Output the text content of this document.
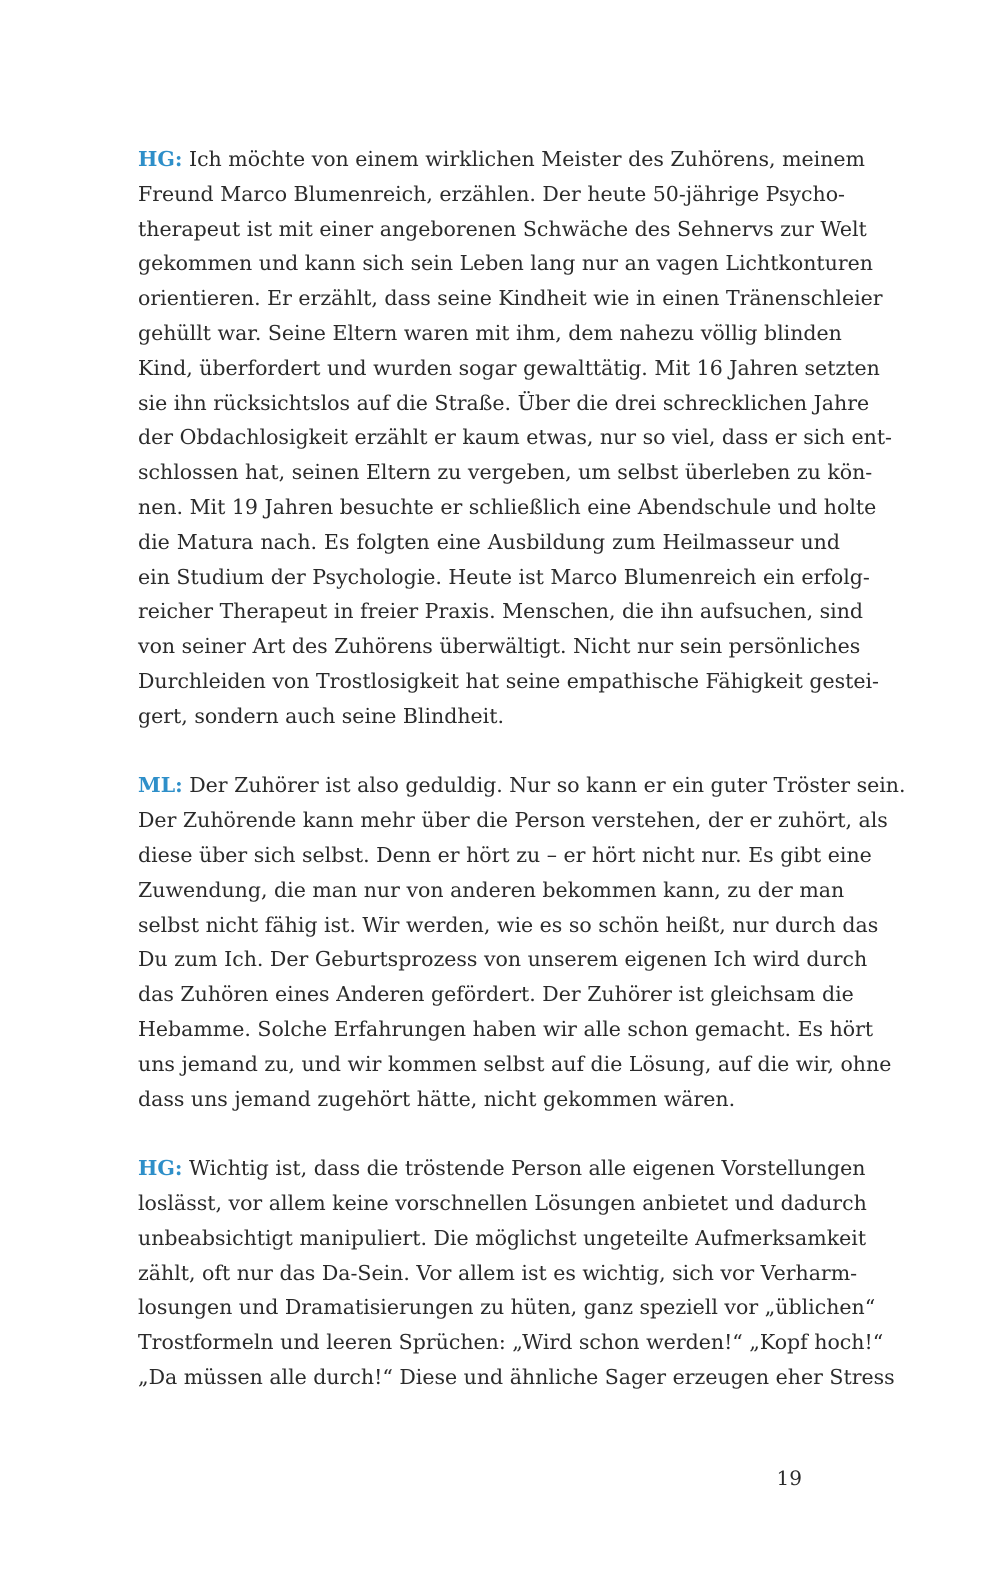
HG: Ich möchte von einem wirklichen Meister des Zuhörens, meinem
Freund Marco Blumenreich, erzählen. Der heute 50-jährige Psycho-
therapeut ist mit einer angeborenen Schwäche des Sehnervs zur Welt
gekommen und kann sich sein Leben lang nur an vagen Lichtkonturen
orientieren. Er erzählt, dass seine Kindheit wie in einen Tränenschleier
gehüllt war. Seine Eltern waren mit ihm, dem nahezu völlig blinden
Kind, überfordert und wurden sogar gewalttätig. Mit 16 Jahren setzten
sie ihn rücksichtslos auf die Straße. Über die drei schrecklichen Jahre
der Obdachlosigkeit erzählt er kaum etwas, nur so viel, dass er sich ent-
schlossen hat, seinen Eltern zu vergeben, um selbst überleben zu kön-
nen. Mit 19 Jahren besuchte er schließlich eine Abendschule und holte
die Matura nach. Es folgten eine Ausbildung zum Heilmasseur und
ein Studium der Psychologie. Heute ist Marco Blumenreich ein erfolg-
reicher Therapeut in freier Praxis. Menschen, die ihn aufsuchen, sind
von seiner Art des Zuhörens überwältigt. Nicht nur sein persönliches
Durchleiden von Trostlosigkeit hat seine empathische Fähigkeit gestei-
gert, sondern auch seine Blindheit.
ML: Der Zuhörer ist also geduldig. Nur so kann er ein guter Tröster sein.
Der Zuhörende kann mehr über die Person verstehen, der er zuhört, als
diese über sich selbst. Denn er hört zu – er hört nicht nur. Es gibt eine
Zuwendung, die man nur von anderen bekommen kann, zu der man
selbst nicht fähig ist. Wir werden, wie es so schön heißt, nur durch das
Du zum Ich. Der Geburtsprozess von unserem eigenen Ich wird durch
das Zuhören eines Anderen gefördert. Der Zuhörer ist gleichsam die
Hebamme. Solche Erfahrungen haben wir alle schon gemacht. Es hört
uns jemand zu, und wir kommen selbst auf die Lösung, auf die wir, ohne
dass uns jemand zugehört hätte, nicht gekommen wären.
HG: Wichtig ist, dass die tröstende Person alle eigenen Vorstellungen
loslässt, vor allem keine vorschnellen Lösungen anbietet und dadurch
unbeabsichtigt manipuliert. Die möglichst ungeteilte Aufmerksamkeit
zählt, oft nur das Da-Sein. Vor allem ist es wichtig, sich vor Verharm-
losungen und Dramatisierungen zu hüten, ganz speziell vor „üblichen“
Trostformeln und leeren Sprüchen: „Wird schon werden!“ „Kopf hoch!“
„Da müssen alle durch!“ Diese und ähnliche Sager erzeugen eher Stress
19
